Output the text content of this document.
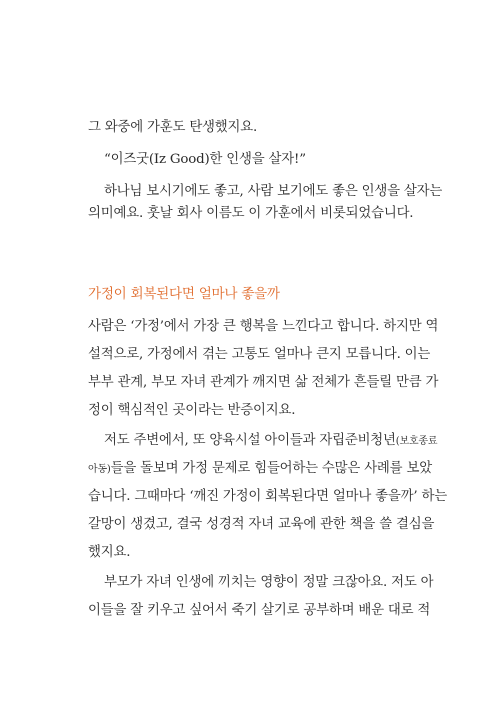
그 와중에 가훈도 탄생했지요.
“이즈굿(Iz Good)한 인생을 살자!”
하나님 보시기에도 좋고, 사람 보기에도 좋은 인생을 살자는
의미예요. 훗날 회사 이름도 이 가훈에서 비롯되었습니다.
가정이 회복된다면 얼마나 좋을까
사람은 ‘가정’에서 가장 큰 행복을 느낀다고 합니다. 하지만 역
설적으로, 가정에서 겪는 고통도 얼마나 큰지 모릅니다. 이는
부부 관계, 부모 자녀 관계가 깨지면 삶 전체가 흔들릴 만큼 가
정이 핵심적인 곳이라는 반증이지요.
저도 주변에서, 또 양육시설 아이들과 자립준비청년(보호종료
아동)들을 돌보며 가정 문제로 힘들어하는 수많은 사례를 보았
습니다. 그때마다 ‘깨진 가정이 회복된다면 얼마나 좋을까’ 하는
갈망이 생겼고, 결국 성경적 자녀 교육에 관한 책을 쓸 결심을
했지요.
부모가 자녀 인생에 끼치는 영향이 정말 크잖아요. 저도 아
이들을 잘 키우고 싶어서 죽기 살기로 공부하며 배운 대로 적
